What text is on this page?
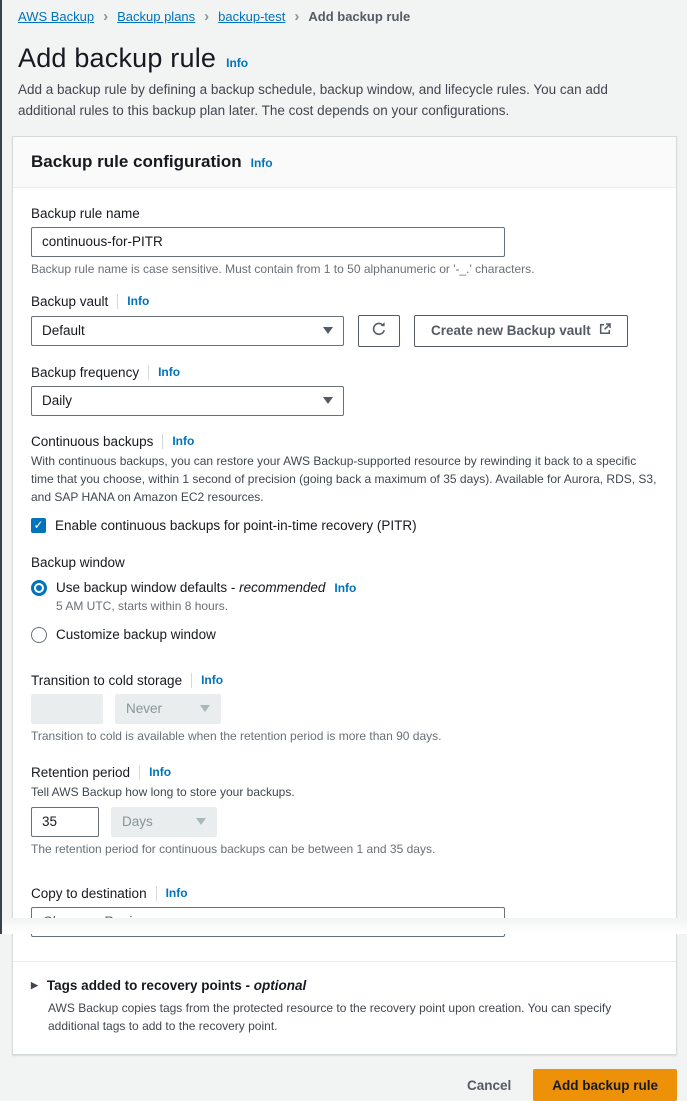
AWS Backup › Backup plans › backup-test › Add backup rule
Add backup rule Info

Add a backup rule by defining a backup schedule, backup window, and lifecycle rules. You can add additional rules to this backup plan later. The cost depends on your configurations.

Backup rule configuration Info
Backup rule name
continuous-for-PITR
Backup rule name is case sensitive. Must contain from 1 to 50 alphanumeric or '-_.' characters.
Backup vault Info
Default	Create new Backup vault
Backup frequency Info
Daily
Continuous backups Info

With continuous backups, you can restore your AWS Backup-supported resource by rewinding it back to a specific time that you choose, within 1 second of precision (going back a maximum of 35 days). Available for Aurora, RDS, S3, and SAP HANA on Amazon EC2 resources.

✓ Enable continuous backups for point-in-time recovery (PITR)
Backup window
Use backup window defaults - recommended Info
5 AM UTC, starts within 8 hours.
Customize backup window
Transition to cold storage Info
Never
Transition to cold is available when the retention period is more than 90 days.
Retention period Info
Tell AWS Backup how long to store your backups.
35
Days
The retention period for continuous backups can be between 1 and 35 days.
Copy to destination Info
▶ Tags added to recovery points - optional

AWS Backup copies tags from the protected resource to the recovery point upon creation. You can specify additional tags to add to the recovery point.

Cancel	Add backup rule
